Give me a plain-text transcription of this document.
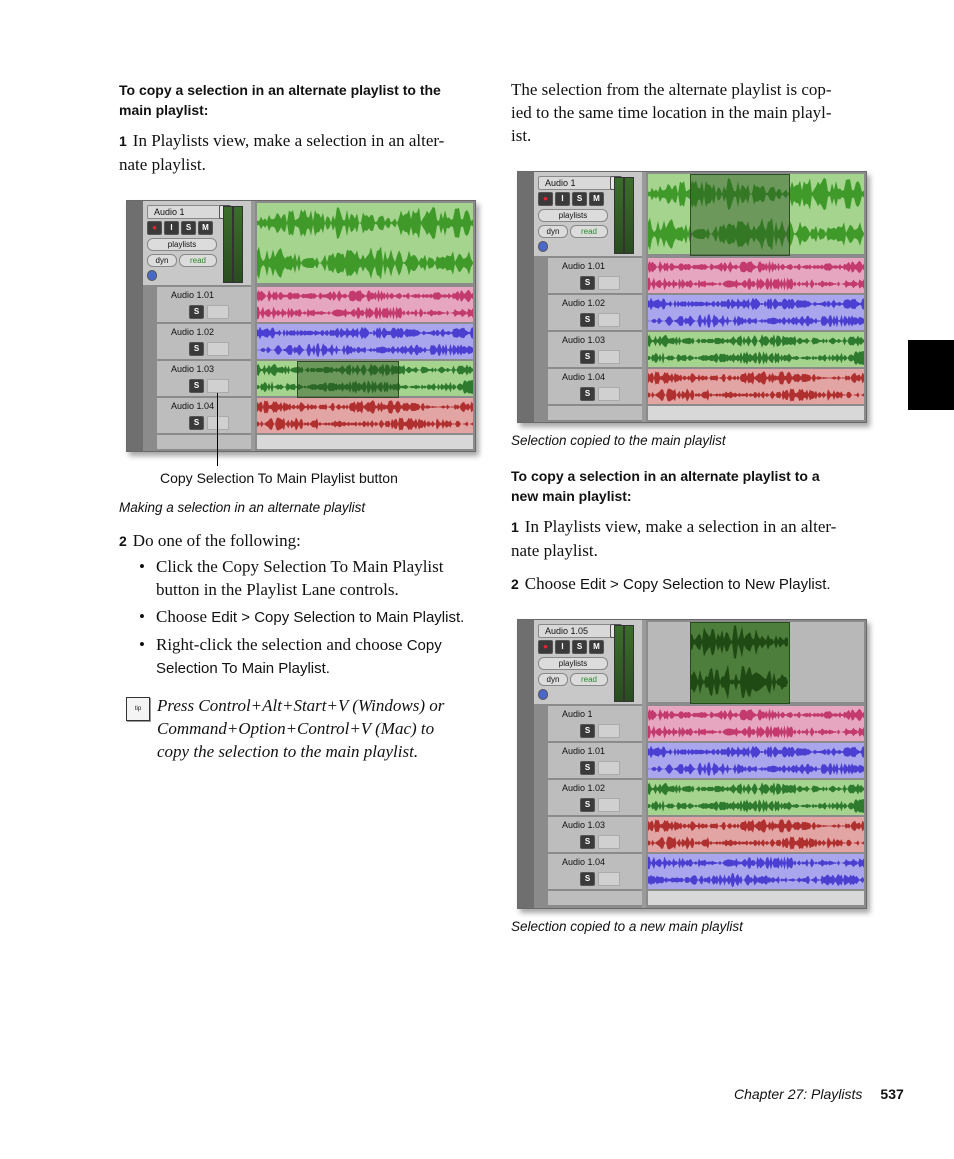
To copy a selection in an alternate playlist to the
main playlist:
1 In Playlists view, make a selection in an alter-
nate playlist.
Audio 1
●	I	S	M
playlists
dyn	read
Audio 1.01
S
Audio 1.02
S
Audio 1.03
S
Audio 1.04
S
Copy Selection To Main Playlist button
Making a selection in an alternate playlist
2 Do one of the following:
• Click the Copy Selection To Main Playlist
button in the Playlist Lane controls.
• Choose Edit > Copy Selection to Main Playlist.
• Right-click the selection and choose Copy
Selection To Main Playlist.
tip Press Control+Alt+Start+V (Windows) or
Command+Option+Control+V (Mac) to
copy the selection to the main playlist.
The selection from the alternate playlist is cop-
ied to the same time location in the main playl-
ist.
Audio 1
●	I	S	M
playlists
dyn	read
Audio 1.01
S
Audio 1.02
S
Audio 1.03
S
Audio 1.04
S
Selection copied to the main playlist
To copy a selection in an alternate playlist to a
new main playlist:
1 In Playlists view, make a selection in an alter-
nate playlist.
2 Choose Edit > Copy Selection to New Playlist.
Audio 1.05
●	I	S	M
playlists
dyn	read
Audio 1
S
Audio 1.01
S
Audio 1.02
S
Audio 1.03
S
Audio 1.04
S
Selection copied to a new main playlist
Chapter 27: Playlists 537
